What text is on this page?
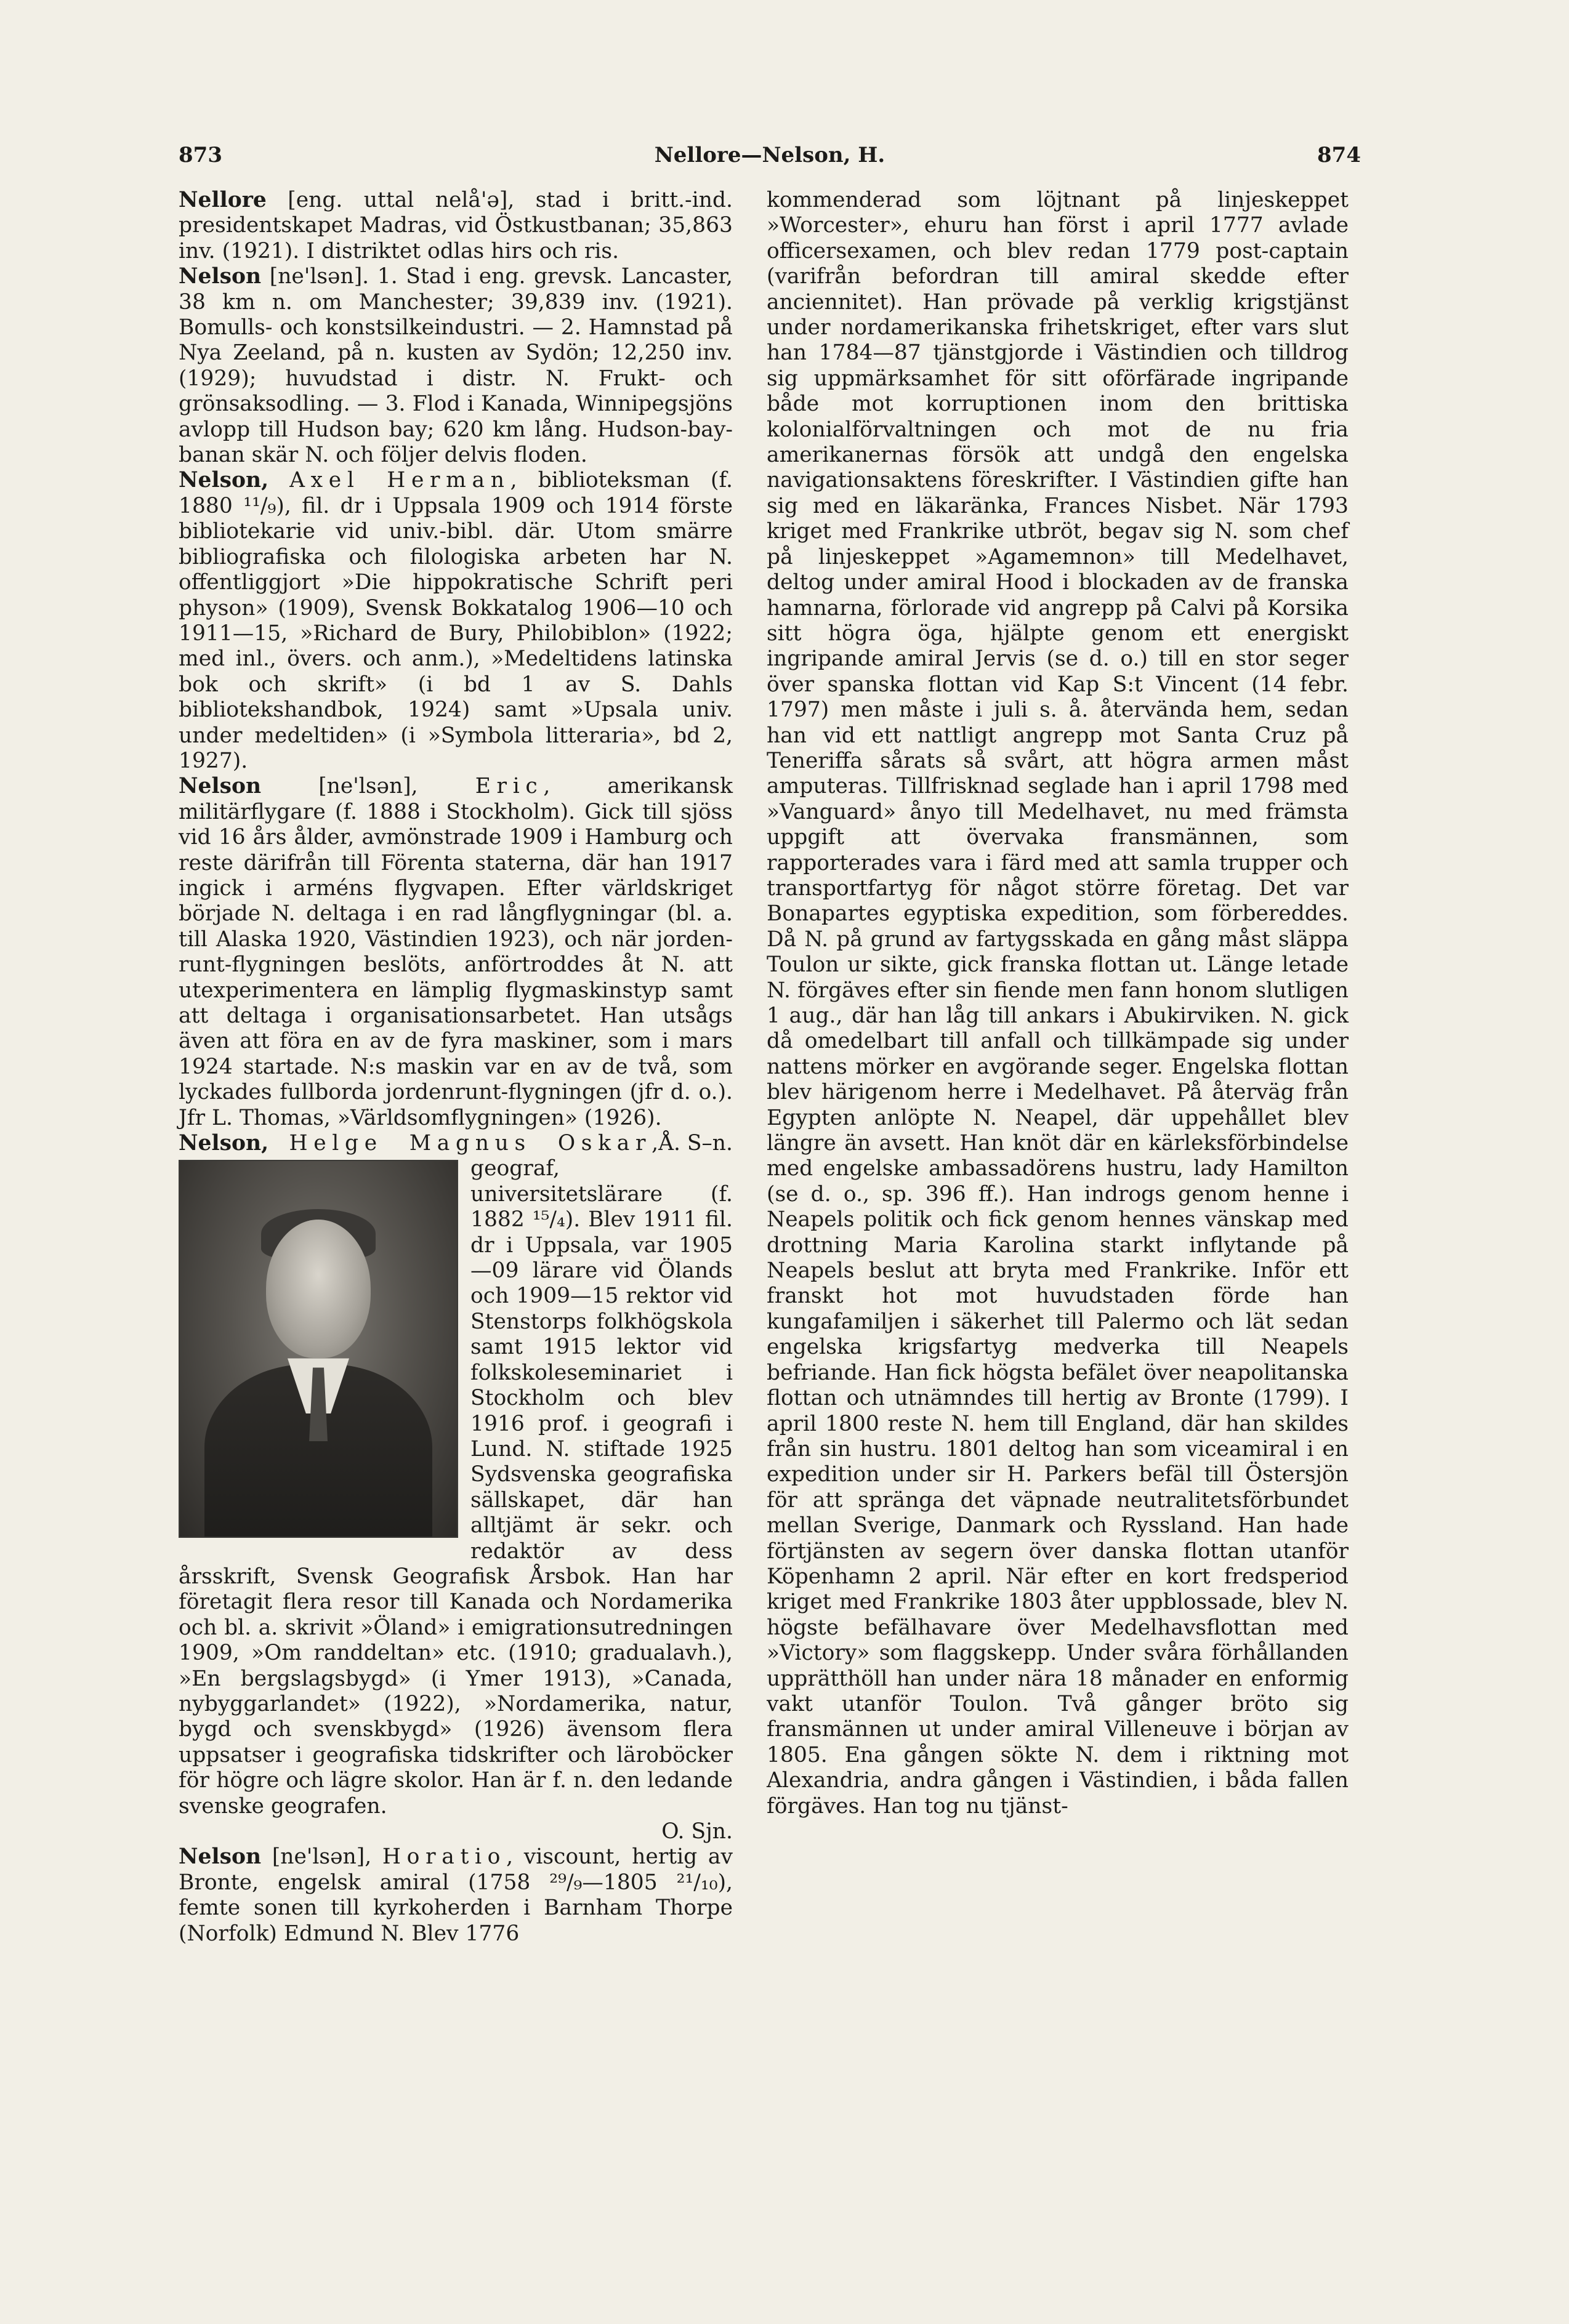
873	Nellore—Nelson, H.	874

Nellore [eng. uttal nelå'ə], stad i britt.-ind. presidentskapet Madras, vid Östkustbanan; 35,863 inv. (1921). I distriktet odlas hirs och ris.

Nelson [ne'lsən]. 1. Stad i eng. grevsk. Lancaster, 38 km n. om Manchester; 39,839 inv. (1921). Bomulls- och konstsilkeindustri. — 2. Hamnstad på Nya Zeeland, på n. kusten av Sydön; 12,250 inv. (1929); huvudstad i distr. N. Frukt- och grönsaksodling. — 3. Flod i Kanada, Winnipegsjöns avlopp till Hudson bay; 620 km lång. Hudson-bay-banan skär N. och följer delvis floden.

Nelson, Axel Herman, biblioteksman (f. 1880 ¹¹/₉), fil. dr i Uppsala 1909 och 1914 förste bibliotekarie vid univ.-bibl. där. Utom smärre bibliografiska och filologiska arbeten har N. offentliggjort »Die hippokratische Schrift peri physon» (1909), Svensk Bokkatalog 1906—10 och 1911—15, »Richard de Bury, Philobiblon» (1922; med inl., övers. och anm.), »Medeltidens latinska bok och skrift» (i bd 1 av S. Dahls bibliotekshandbok, 1924) samt »Upsala univ. under medeltiden» (i »Symbola litteraria», bd 2, 1927).

Nelson [ne'lsən], Eric, amerikansk militärflygare (f. 1888 i Stockholm). Gick till sjöss vid 16 års ålder, avmönstrade 1909 i Hamburg och reste därifrån till Förenta staterna, där han 1917 ingick i arméns flygvapen. Efter världskriget började N. deltaga i en rad långflygningar (bl. a. till Alaska 1920, Västindien 1923), och när jorden-runt-flygningen beslöts, anförtroddes åt N. att utexperimentera en lämplig flygmaskinstyp samt att deltaga i organisationsarbetet. Han utsågs även att föra en av de fyra maskiner, som i mars 1924 startade. N:s maskin var en av de två, som lyckades fullborda jordenrunt-flygningen (jfr d. o.). Jfr L. Thomas, »Världsomflygningen» (1926).
Å. S–n.

Nelson, Helge Magnus Oskar
, geograf, universitetslärare (f. 1882 ¹⁵/₄). Blev 1911 fil. dr i Uppsala, var 1905—09 lärare vid Ölands och 1909—15 rektor vid Stenstorps folkhögskola samt 1915 lektor vid folkskoleseminariet i Stockholm och blev 1916 prof. i geografi i Lund. N. stiftade 1925 Sydsvenska geografiska sällskapet, där han alltjämt är sekr. och redaktör av dess årsskrift, Svensk Geografisk Årsbok. Han har företagit flera resor till Kanada och Nordamerika och bl. a. skrivit »Öland» i emigrationsutredningen 1909, »Om randdeltan» etc. (1910; gradualavh.), »En bergslagsbygd» (i Ymer 1913), »Canada, nybyggarlandet» (1922), »Nordamerika, natur, bygd och svenskbygd» (1926) ävensom flera uppsatser i geografiska tidskrifter och läroböcker för högre och lägre skolor. Han är f. n. den ledande svenske geografen.
O. Sjn.

Nelson [ne'lsən], Horatio, viscount, hertig av Bronte, engelsk amiral (1758 ²⁹/₉—1805 ²¹/₁₀), femte sonen till kyrkoherden i Barnham Thorpe (Norfolk) Edmund N. Blev 1776

kommenderad som löjtnant på linjeskeppet »Worcester», ehuru han först i april 1777 avlade officersexamen, och blev redan 1779 post-captain (varifrån befordran till amiral skedde efter anciennitet). Han prövade på verklig krigstjänst under nordamerikanska frihetskriget, efter vars slut han 1784—87 tjänstgjorde i Västindien och tilldrog sig uppmärksamhet för sitt oförfärade ingripande både mot korruptionen inom den brittiska kolonialförvaltningen och mot de nu fria amerikanernas försök att undgå den engelska navigationsaktens föreskrifter. I Västindien gifte han sig med en läkaränka, Frances Nisbet. När 1793 kriget med Frankrike utbröt, begav sig N. som chef på linjeskeppet »Agamemnon» till Medelhavet, deltog under amiral Hood i blockaden av de franska hamnarna, förlorade vid angrepp på Calvi på Korsika sitt högra öga, hjälpte genom ett energiskt ingripande amiral Jervis (se d. o.) till en stor seger över spanska flottan vid Kap S:t Vincent (14 febr. 1797) men måste i juli s. å. återvända hem, sedan han vid ett nattligt angrepp mot Santa Cruz på Teneriffa sårats så svårt, att högra armen måst amputeras. Tillfrisknad seglade han i april 1798 med »Vanguard» ånyo till Medelhavet, nu med främsta uppgift att övervaka fransmännen, som rapporterades vara i färd med att samla trupper och transportfartyg för något större företag. Det var Bonapartes egyptiska expedition, som förbereddes. Då N. på grund av fartygsskada en gång måst släppa Toulon ur sikte, gick franska flottan ut. Länge letade N. förgäves efter sin fiende men fann honom slutligen 1 aug., där han låg till ankars i Abukirviken. N. gick då omedelbart till anfall och tillkämpade sig under nattens mörker en avgörande seger. Engelska flottan blev härigenom herre i Medelhavet. På återväg från Egypten anlöpte N. Neapel, där uppehållet blev längre än avsett. Han knöt där en kärleksförbindelse med engelske ambassadörens hustru, lady Hamilton (se d. o., sp. 396 ff.). Han indrogs genom henne i Neapels politik och fick genom hennes vänskap med drottning Maria Karolina starkt inflytande på Neapels beslut att bryta med Frankrike. Inför ett franskt hot mot huvudstaden förde han kungafamiljen i säkerhet till Palermo och lät sedan engelska krigsfartyg medverka till Neapels befriande. Han fick högsta befälet över neapolitanska flottan och utnämndes till hertig av Bronte (1799). I april 1800 reste N. hem till England, där han skildes från sin hustru. 1801 deltog han som viceamiral i en expedition under sir H. Parkers befäl till Östersjön för att spränga det väpnade neutralitetsförbundet mellan Sverige, Danmark och Ryssland. Han hade förtjänsten av segern över danska flottan utanför Köpenhamn 2 april. När efter en kort fredsperiod kriget med Frankrike 1803 åter uppblossade, blev N. högste befälhavare över Medelhavsflottan med »Victory» som flaggskepp. Under svåra förhållanden upprätthöll han under nära 18 månader en enformig vakt utanför Toulon. Två gånger bröto sig fransmännen ut under amiral Villeneuve i början av 1805. Ena gången sökte N. dem i riktning mot Alexandria, andra gången i Västindien, i båda fallen förgäves. Han tog nu tjänst-
